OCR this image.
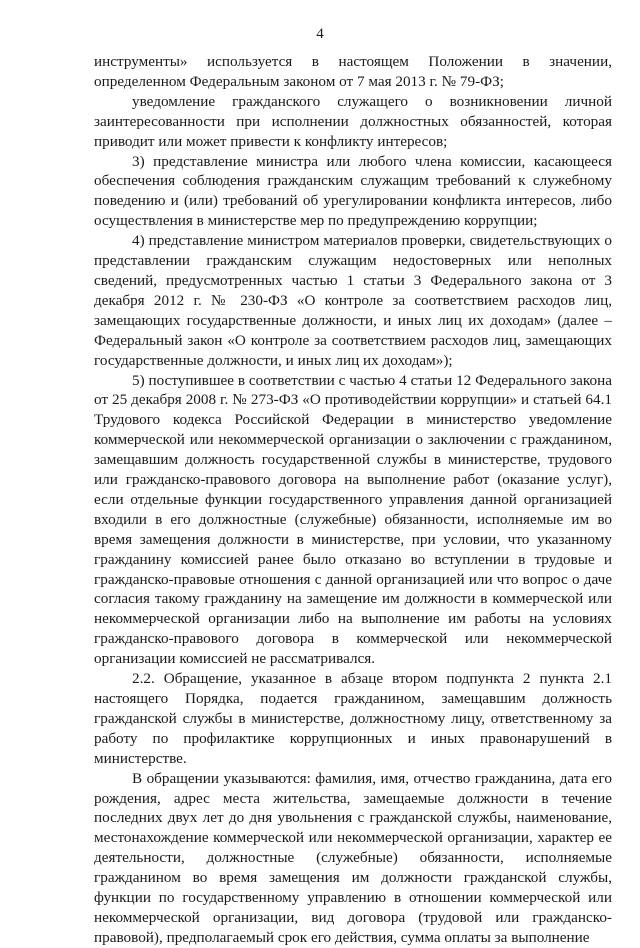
4

инструменты» используется в настоящем Положении в значении, определенном Федеральным законом от 7 мая 2013 г. № 79-ФЗ;

уведомление гражданского служащего о возникновении личной заинтересованности при исполнении должностных обязанностей, которая приводит или может привести к конфликту интересов;

3) представление министра или любого члена комиссии, касающееся обеспечения соблюдения гражданским служащим требований к служебному поведению и (или) требований об урегулировании конфликта интересов, либо осуществления в министерстве мер по предупреждению коррупции;

4) представление министром материалов проверки, свидетельствующих о представлении гражданским служащим недостоверных или неполных сведений, предусмотренных частью 1 статьи 3 Федерального закона от 3 декабря 2012 г. № 230-ФЗ «О контроле за соответствием расходов лиц, замещающих государственные должности, и иных лиц их доходам» (далее – Федеральный закон «О контроле за соответствием расходов лиц, замещающих государственные должности, и иных лиц их доходам»);

5) поступившее в соответствии с частью 4 статьи 12 Федерального закона от 25 декабря 2008 г. № 273-ФЗ «О противодействии коррупции» и статьей 64.1 Трудового кодекса Российской Федерации в министерство уведомление коммерческой или некоммерческой организации о заключении с гражданином, замещавшим должность государственной службы в министерстве, трудового или гражданско-правового договора на выполнение работ (оказание услуг), если отдельные функции государственного управления данной организацией входили в его должностные (служебные) обязанности, исполняемые им во время замещения должности в министерстве, при условии, что указанному гражданину комиссией ранее было отказано во вступлении в трудовые и гражданско-правовые отношения с данной организацией или что вопрос о даче согласия такому гражданину на замещение им должности в коммерческой или некоммерческой организации либо на выполнение им работы на условиях гражданско-правового договора в коммерческой или некоммерческой организации комиссией не рассматривался.

2.2. Обращение, указанное в абзаце втором подпункта 2 пункта 2.1 настоящего Порядка, подается гражданином, замещавшим должность гражданской службы в министерстве, должностному лицу, ответственному за работу по профилактике коррупционных и иных правонарушений в министерстве.

В обращении указываются: фамилия, имя, отчество гражданина, дата его рождения, адрес места жительства, замещаемые должности в течение последних двух лет до дня увольнения с гражданской службы, наименование, местонахождение коммерческой или некоммерческой организации, характер ее деятельности, должностные (служебные) обязанности, исполняемые гражданином во время замещения им должности гражданской службы, функции по государственному управлению в отношении коммерческой или некоммерческой организации, вид договора (трудовой или гражданско-правовой), предполагаемый срок его действия, сумма оплаты за выполнение
